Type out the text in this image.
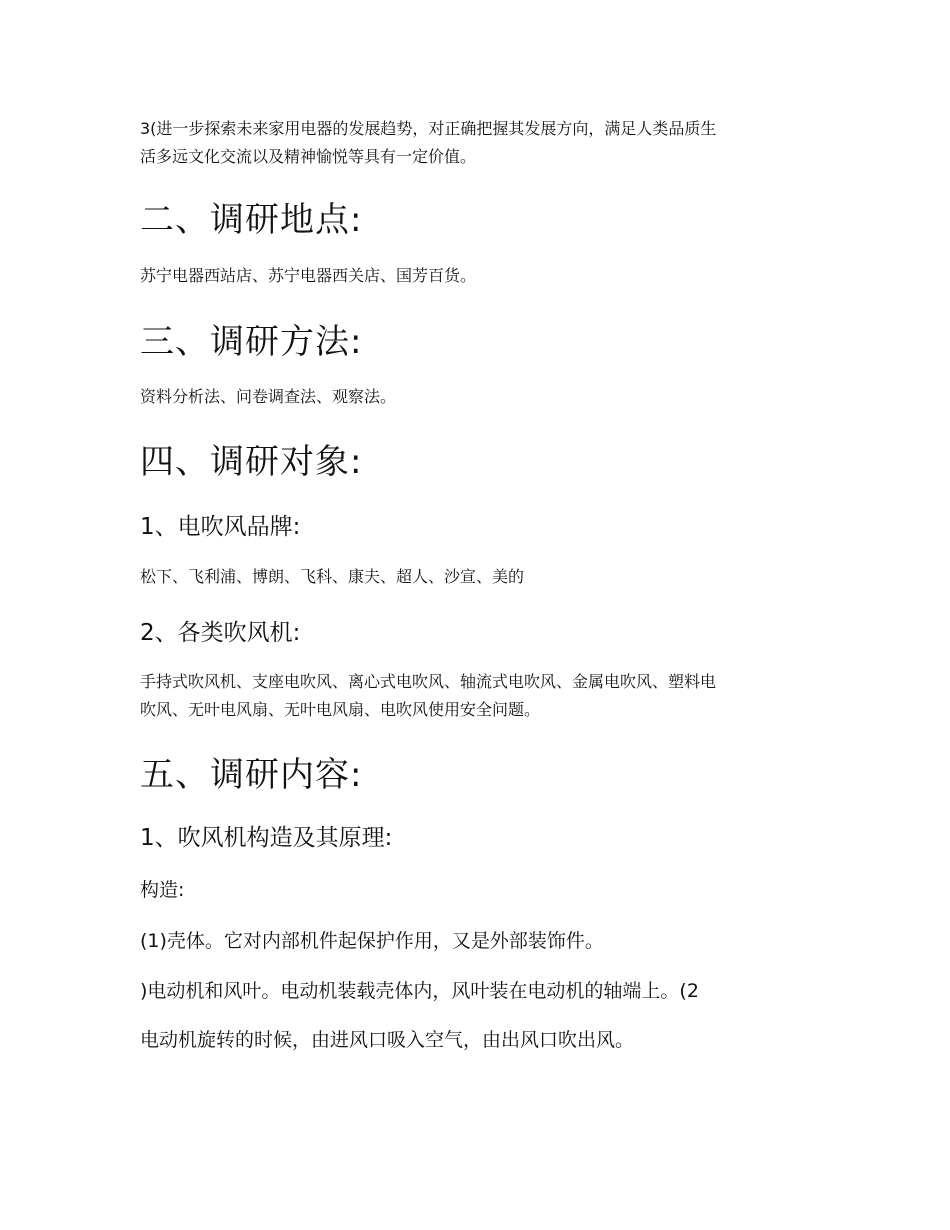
3(进一步探索未来家用电器的发展趋势，对正确把握其发展方向，满足人类品质生
活多远文化交流以及精神愉悦等具有一定价值。
二、调研地点:
苏宁电器西站店、苏宁电器西关店、国芳百货。
三、调研方法:
资料分析法、问卷调查法、观察法。
四、调研对象:
1、电吹风品牌:
松下、飞利浦、博朗、飞科、康夫、超人、沙宣、美的
2、各类吹风机:
手持式吹风机、支座电吹风、离心式电吹风、轴流式电吹风、金属电吹风、塑料电
吹风、无叶电风扇、无叶电风扇、电吹风使用安全问题。
五、调研内容:
1、吹风机构造及其原理:
构造:
(1)壳体。它对内部机件起保护作用，又是外部装饰件。
)电动机和风叶。电动机装载壳体内，风叶装在电动机的轴端上。(2
电动机旋转的时候，由进风口吸入空气，由出风口吹出风。
